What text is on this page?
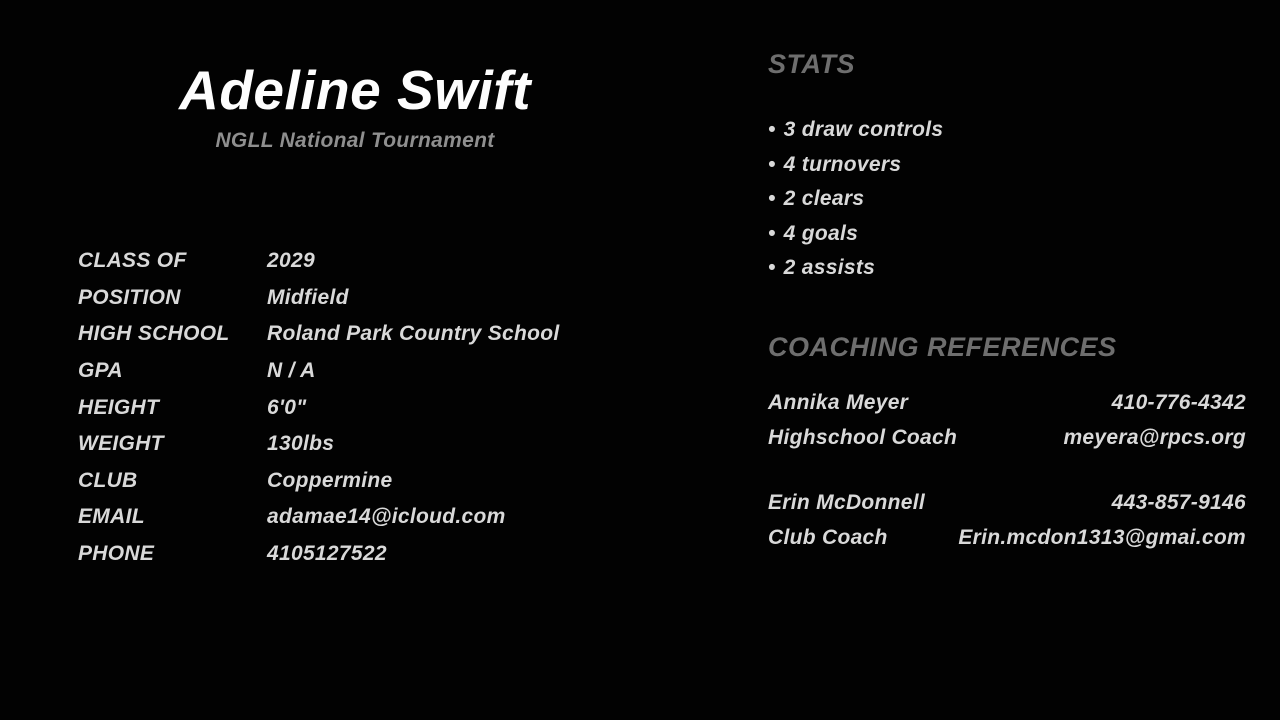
Adeline Swift
NGLL National Tournament
CLASS OF	2029
POSITION	Midfield
HIGH SCHOOL	Roland Park Country School
GPA	N / A
HEIGHT	6'0"
WEIGHT	130lbs
CLUB	Coppermine
EMAIL	adamae14@icloud.com
PHONE	4105127522
STATS
• 3 draw controls
• 4 turnovers
• 2 clears
• 4 goals
• 2 assists
COACHING REFERENCES
Annika Meyer	410-776-4342
Highschool Coach	meyera@rpcs.org
Erin McDonnell	443-857-9146
Club Coach	Erin.mcdon1313@gmai.com
